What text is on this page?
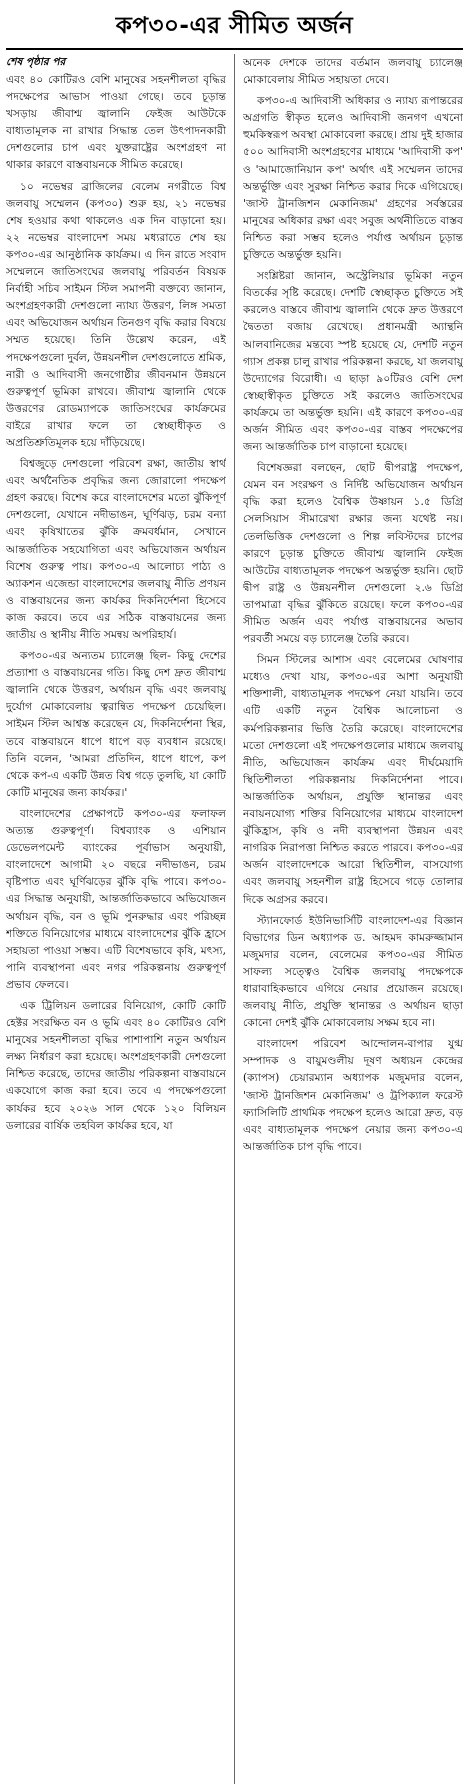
কপ৩০-এর সীমিত অর্জন
শেষ পৃষ্ঠার পর

এবং ৪০ কোটিরও বেশি মানুষের সহনশীলতা বৃদ্ধির পদক্ষেপের আভাস পাওয়া গেছে। তবে চূড়ান্ত খসড়ায় জীবাশ্ম জ্বালানি ফেইজ আউটকে বাধ্যতামূলক না রাখার সিদ্ধান্ত তেল উৎপাদনকারী দেশগুলোর চাপ এবং যুক্তরাষ্ট্রের অংশগ্রহণ না থাকার কারণে বাস্তবায়নকে সীমিত করেছে।

১০ নভেম্বর ব্রাজিলের বেলেম নগরীতে বিশ্ব জলবায়ু সম্মেলন (কপ৩০) শুরু হয়, ২১ নভেম্বর শেষ হওয়ার কথা থাকলেও এক দিন বাড়ানো হয়। ২২ নভেম্বর বাংলাদেশ সময় মধ্যরাতে শেষ হয় কপ৩০-এর আনুষ্ঠানিক কার্যক্রম। এ দিন রাতে সংবাদ সম্মেলনে জাতিসংঘের জলবায়ু পরিবর্তন বিষয়ক নির্বাহী সচিব সাইমন স্টিল সমাপনী বক্তব্যে জানান, অংশগ্রহণকারী দেশগুলো ন্যায্য উত্তরণ, লিঙ্গ সমতা এবং অভিযোজন অর্থায়ন তিনগুণ বৃদ্ধি করার বিষয়ে সম্মত হয়েছে। তিনি উল্লেখ করেন, এই পদক্ষেপগুলো দুর্বল, উন্নয়নশীল দেশগুলোতে শ্রমিক, নারী ও আদিবাসী জনগোষ্ঠীর জীবনমান উন্নয়নে গুরুত্বপূর্ণ ভূমিকা রাখবে। জীবাশ্ম জ্বালানি থেকে উত্তরণের রোডম্যাপকে জাতিসংঘের কার্যক্রমের বাইরে রাখার ফলে তা স্বেচ্ছাধীকৃত ও অপ্রতিশ্রুতিমূলক হয়ে দাঁড়িয়েছে।

বিশ্বজুড়ে দেশগুলো পরিবেশ রক্ষা, জাতীয় স্বার্থ এবং অর্থনৈতিক প্রবৃদ্ধির জন্য জোরালো পদক্ষেপ গ্রহণ করছে। বিশেষ করে বাংলাদেশের মতো ঝুঁকিপূর্ণ দেশগুলো, যেখানে নদীভাঙন, ঘূর্ণিঝড়, চরম বন্যা এবং কৃষিখাতের ঝুঁকি ক্রমবর্ধমান, সেখানে আন্তর্জাতিক সহযোগিতা এবং অভিযোজন অর্থায়ন বিশেষ গুরুত্ব পায়। কপ৩০-এ আলোচ্য পাঠ্য ও অ্যাকশন এজেন্ডা বাংলাদেশের জলবায়ু নীতি প্রণয়ন ও বাস্তবায়নের জন্য কার্যকর দিকনির্দেশনা হিসেবে কাজ করবে। তবে এর সঠিক বাস্তবায়নের জন্য জাতীয় ও স্থানীয় নীতি সমন্বয় অপরিহার্য।

কপ৩০-এর অন্যতম চ্যালেঞ্জ ছিল- কিছু দেশের প্রত্যাশা ও বাস্তবায়নের গতি। কিছু দেশ দ্রুত জীবাশ্ম জ্বালানি থেকে উত্তরণ, অর্থায়ন বৃদ্ধি এবং জলবায়ু দুর্যোগ মোকাবেলায় ত্বরান্বিত পদক্ষেপ চেয়েছিল। সাইমন স্টিল আশ্বস্ত করেছেন যে, দিকনির্দেশনা স্থির, তবে বাস্তবায়নে ধাপে ধাপে বড় ব্যবধান রয়েছে। তিনি বলেন, 'আমরা প্রতিদিন, ধাপে ধাপে, কপ থেকে কপ-এ একটি উন্নত বিশ্ব গড়ে তুলছি, যা কোটি কোটি মানুষের জন্য কার্যকর।'

বাংলাদেশের প্রেক্ষাপটে কপ৩০-এর ফলাফল অত্যন্ত গুরুত্বপূর্ণ। বিশ্বব্যাংক ও এশিয়ান ডেভেলপমেন্ট ব্যাংকের পূর্বাভাস অনুযায়ী, বাংলাদেশে আগামী ২০ বছরে নদীভাঙন, চরম বৃষ্টিপাত এবং ঘূর্ণিঝড়ের ঝুঁকি বৃদ্ধি পাবে। কপ৩০-এর সিদ্ধান্ত অনুযায়ী, আন্তর্জাতিকভাবে অভিযোজন অর্থায়ন বৃদ্ধি, বন ও ভূমি পুনরুদ্ধার এবং পরিচ্ছন্ন শক্তিতে বিনিয়োগের মাধ্যমে বাংলাদেশের ঝুঁকি হ্রাসে সহায়তা পাওয়া সম্ভব। এটি বিশেষভাবে কৃষি, মৎস্য, পানি ব্যবস্থাপনা এবং নগর পরিকল্পনায় গুরুত্বপূর্ণ প্রভাব ফেলবে।

এক ট্রিলিয়ন ডলারের বিনিয়োগ, কোটি কোটি হেক্টর সংরক্ষিত বন ও ভূমি এবং ৪০ কোটিরও বেশি মানুষের সহনশীলতা বৃদ্ধির পাশাপাশি নতুন অর্থায়ন লক্ষ্য নির্ধারণ করা হয়েছে। অংশগ্রহণকারী দেশগুলো নিশ্চিত করেছে, তাদের জাতীয় পরিকল্পনা বাস্তবায়নে একযোগে কাজ করা হবে। তবে এ পদক্ষেপগুলো কার্যকর হবে ২০২৬ সাল থেকে ১২০ বিলিয়ন ডলারের বার্ষিক তহবিল কার্যকর হবে, যা

অনেক দেশকে তাদের বর্তমান জলবায়ু চ্যালেঞ্জ মোকাবেলায় সীমিত সহায়তা দেবে।

কপ৩০-এ আদিবাসী অধিকার ও ন্যায্য রূপান্তরের অগ্রগতি স্বীকৃত হলেও আদিবাসী জনগণ এখনো হুমকিস্বরূপ অবস্থা মোকাবেলা করছে। প্রায় দুই হাজার ৫০০ আদিবাসী অংশগ্রহণের মাধ্যমে 'আদিবাসী কপ' ও 'আমাজোনিয়ান কপ' অর্থাৎ এই সম্মেলন তাদের অন্তর্ভুক্তি এবং সুরক্ষা নিশ্চিত করার দিকে এগিয়েছে। 'জাস্ট ট্রানজিশন মেকানিজম' গ্রহণের সর্বস্তরের মানুষের অধিকার রক্ষা এবং সবুজ অর্থনীতিতে বাস্তব নিশ্চিত করা সম্ভব হলেও পর্যাপ্ত অর্থায়ন চূড়ান্ত চুক্তিতে অন্তর্ভুক্ত হয়নি।

সংশ্লিষ্টরা জানান, অস্ট্রেলিয়ার ভূমিকা নতুন বিতর্কের সৃষ্টি করেছে। দেশটি স্বেচ্ছাকৃত চুক্তিতে সই করলেও বাস্তবে জীবাশ্ম জ্বালানি থেকে দ্রুত উত্তরণে দ্বৈততা বজায় রেখেছে। প্রধানমন্ত্রী অ্যান্থনি আলবানিজের মন্তব্যে স্পষ্ট হয়েছে যে, দেশটি নতুন গ্যাস প্রকল্প চালু রাখার পরিকল্পনা করছে, যা জলবায়ু উদ্যোগের বিরোধী। এ ছাড়া ৯০টিরও বেশি দেশ স্বেচ্ছাস্বীকৃত চুক্তিতে সই করলেও জাতিসংঘের কার্যক্রমে তা অন্তর্ভুক্ত হয়নি। এই কারণে কপ৩০-এর অর্জন সীমিত এবং কপ৩০-এর বাস্তব পদক্ষেপের জন্য আন্তর্জাতিক চাপ বাড়ানো হয়েছে।

বিশেষজ্ঞরা বলছেন, ছোট দ্বীপরাষ্ট্র পদক্ষেপ, যেমন বন সংরক্ষণ ও নির্দিষ্ট অভিযোজন অর্থায়ন বৃদ্ধি করা হলেও বৈশ্বিক উষ্ণায়ন ১.৫ ডিগ্রি সেলসিয়াস সীমারেখা রক্ষার জন্য যথেষ্ট নয়। তেলভিত্তিক দেশগুলো ও শিল্প লবিস্টদের চাপের কারণে চূড়ান্ত চুক্তিতে জীবাশ্ম জ্বালানি ফেইজ আউটের বাধ্যতামূলক পদক্ষেপ অন্তর্ভুক্ত হয়নি। ছোট দ্বীপ রাষ্ট্র ও উন্নয়নশীল দেশগুলো ২.৬ ডিগ্রি তাপমাত্রা বৃদ্ধির ঝুঁকিতে রয়েছে। ফলে কপ৩০-এর সীমিত অর্জন এবং পর্যাপ্ত বাস্তবায়নের অভাব পরবর্তী সময়ে বড় চ্যালেঞ্জ তৈরি করবে।

সিমন স্টিলের আশাস এবং বেলেমের ঘোষণার মধ্যেও দেখা যায়, কপ৩০-এর আশা অনুযায়ী শক্তিশালী, বাধ্যতামূলক পদক্ষেপ নেয়া যায়নি। তবে এটি একটি নতুন বৈশ্বিক আলোচনা ও কর্মপরিকল্পনার ভিত্তি তৈরি করেছে। বাংলাদেশের মতো দেশগুলো এই পদক্ষেপগুলোর মাধ্যমে জলবায়ু নীতি, অভিযোজন কার্যক্রম এবং দীর্ঘমেয়াদি স্থিতিশীলতা পরিকল্পনায় দিকনির্দেশনা পাবে। আন্তর্জাতিক অর্থায়ন, প্রযুক্তি স্থানান্তর এবং নবায়নযোগ্য শক্তির বিনিয়োগের মাধ্যমে বাংলাদেশ ঝুঁকিহ্রাস, কৃষি ও নদী ব্যবস্থাপনা উন্নয়ন এবং নাগরিক নিরাপত্তা নিশ্চিত করতে পারবে। কপ৩০-এর অর্জন বাংলাদেশকে আরো স্থিতিশীল, বাসযোগ্য এবং জলবায়ু সহনশীল রাষ্ট্র হিসেবে গড়ে তোলার দিকে অগ্রসর করবে।

স্ট্যানফোর্ড ইউনিভার্সিটি বাংলাদেশ-এর বিজ্ঞান বিভাগের ডিন অধ্যাপক ড. আহমদ কামরুজ্জামান মজুমদার বলেন, বেলেমের কপ৩০-এর সীমিত সাফল্য সত্ত্বেও বৈশ্বিক জলবায়ু পদক্ষেপকে ধারাবাহিকভাবে এগিয়ে নেয়ার প্রয়োজন রয়েছে। জলবায়ু নীতি, প্রযুক্তি স্থানান্তর ও অর্থায়ন ছাড়া কোনো দেশই ঝুঁকি মোকাবেলায় সক্ষম হবে না।

বাংলাদেশ পরিবেশ আন্দোলন-বাপার যুগ্ম সম্পাদক ও বায়ুমণ্ডলীয় দূষণ অধ্যয়ন কেন্দ্রের (ক্যাপস) চেয়ারম্যান অধ্যাপক মজুমদার বলেন, 'জাস্ট ট্রানজিশন মেকানিজম' ও ট্রপিক্যাল ফরেস্ট ফ্যাসিলিটি প্রাথমিক পদক্ষেপ হলেও আরো দ্রুত, বড় এবং বাধ্যতামূলক পদক্ষেপ নেয়ার জন্য কপ৩০-এ আন্তর্জাতিক চাপ বৃদ্ধি পাবে।
